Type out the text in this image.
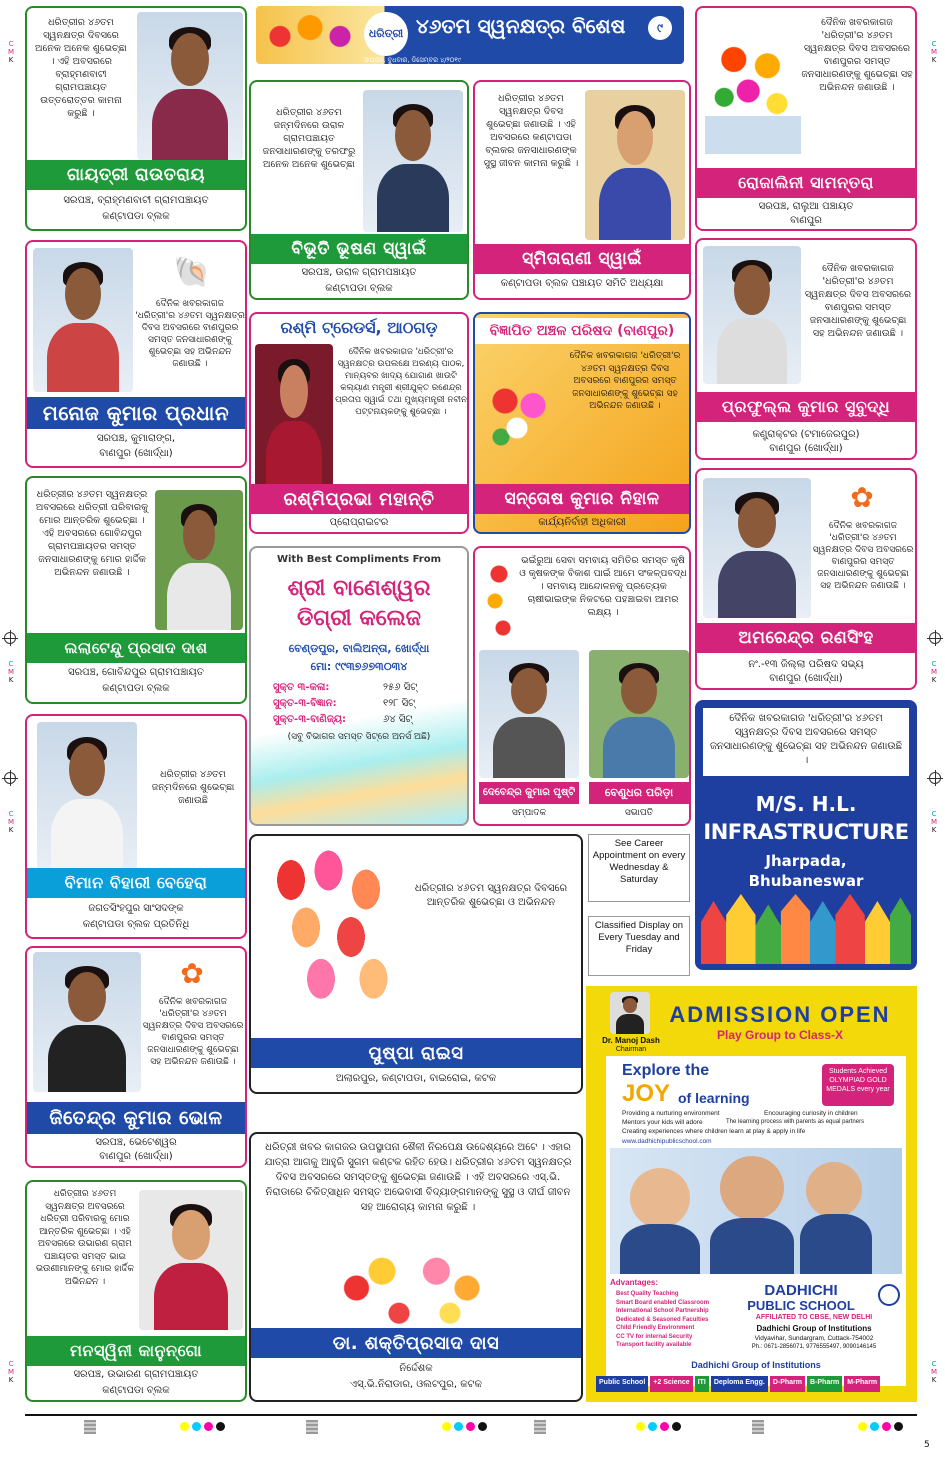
C
M
K
C
M
K
C
M
K
C
M
K
C
M
K
C
M
K
C
M
K
C
M
K
ଧରିତ୍ରୀ ୪୬ତମ ସ୍ୱନକ୍ଷତ୍ର ବିଶେଷ	୯
ସାପ୍ତାହ, ବୁଧବାର, ଡିସେମ୍ବର ୪/୨୦୧୯
ଧରିତ୍ରୀର ୪୬ତମ ସ୍ୱନକ୍ଷତ୍ର ଦିବସରେ ଅନେକ ଅନେକ ଶୁଭେଚ୍ଛା । ଏହି ଅବସରରେ ବ୍ରାହ୍ମଣବାଟୀ ଗ୍ରାମପଞ୍ଚାୟତ ଉତ୍ତରୋତ୍ତର କାମନା କରୁଛି ।
ଗାୟତ୍ରୀ ରାଉତରାୟ
ସରପଞ୍ଚ, ବ୍ରାହ୍ମଣବାଟୀ ଗ୍ରାମପଞ୍ଚାୟତ
କଣ୍ଟାପଡା ବ୍ଲକ
ଧରିତ୍ରୀର ୪୬ତମ ଜନ୍ମଦିନରେ ଉରାଳ ଗ୍ରାମପଞ୍ଚାୟତ ଜନସାଧାରଣଙ୍କୁ ତରଫରୁ ଅନେକ ଅନେକ ଶୁଭେଚ୍ଛା
ବିଭୂତି ଭୂଷଣ ସ୍ୱାଇଁ
ସରପଞ୍ଚ, ଉରାଳ ଗ୍ରାମପଞ୍ଚାୟତ
କଣ୍ଟାପଡା ବ୍ଲକ
ଧରିତ୍ରୀର ୪୬ତମ ସ୍ୱନକ୍ଷତ୍ର ଦିବସ ଶୁଭେଚ୍ଛା ଜଣାଉଛି । ଏହି ଅବସରରେ କଣ୍ଟାପଡା ବ୍ଲକର ଜନସାଧାରଣଙ୍କ ସୁସ୍ଥ ଜୀବନ କାମନା କରୁଛି ।
ସ୍ମିତାରାଣୀ ସ୍ୱାଇଁ
କଣ୍ଟାପଡା ବ୍ଲକ ପଞ୍ଚାୟତ ସମିତି ଅଧ୍ୟକ୍ଷା
ଦୈନିକ ଖବରକାଗଜ 'ଧରିତ୍ରୀ'ର ୪୬ତମ ସ୍ୱନକ୍ଷତ୍ର ଦିବସ ଅବସରରେ ବାଣପୁରର ସମସ୍ତ ଜନସାଧାରଣଙ୍କୁ ଶୁଭେଚ୍ଛା ସହ ଅଭିନନ୍ଦନ ଜଣାଉଛି ।
ରୋଜାଲିନୀ ସାମନ୍ତରା
ସରପଞ୍ଚ, ରାଲୁଆ ପଞ୍ଚାୟତ
ବାଣପୁର
🐚
ଦୈନିକ ଖବରକାଗଜ 'ଧରିତ୍ରୀ'ର ୪୬ତମ ସ୍ୱନକ୍ଷତ୍ର ଦିବସ ଅବସରରେ ବାଣପୁରର ସମସ୍ତ ଜନସାଧାରଣଙ୍କୁ ଶୁଭେଚ୍ଛା ସହ ଅଭିନନ୍ଦନ ଜଣାଉଛି ।
ମନୋଜ କୁମାର ପ୍ରଧାନ
ସରପଞ୍ଚ, କୁମାରାଙ୍ଗ,
ବାଣପୁର (ଖୋର୍ଦ୍ଧା)
ରଶ୍ମି ଟ୍ରେଡର୍ସ, ଆଠଗଡ଼
ଦୈନିକ ଖବରକାଗଜ 'ଧରିତ୍ରୀ'ର ସ୍ୱନକ୍ଷତ୍ର ଉପଲକ୍ଷେ ଅରଣ୍ୟ ପାଠକ, ମାନ୍ୟବର ଖାଦ୍ୟ ଯୋଗାଣ ଖାଉଟି କଲ୍ୟାଣ ମନ୍ତ୍ରୀ ଶ୍ରୀଯୁକ୍ତ ରଣେନ୍ଦ୍ର ପ୍ରତାପ ସ୍ୱାଇଁ ତଥା ମୁଖ୍ୟମନ୍ତ୍ରୀ ନବୀନ ପଟ୍ଟନାୟକଙ୍କୁ ଶୁଭେଚ୍ଛା ।
ରଶ୍ମିପ୍ରଭା ମହାନ୍ତି
ପ୍ରୋପ୍ରାଇଟର
ବିଜ୍ଞାପିତ ଅଞ୍ଚଳ ପରିଷଦ (ବାଣପୁର)
ଦୈନିକ ଖବରକାଗଜ 'ଧରିତ୍ରୀ'ର ୪୬ତମ ସ୍ୱନକ୍ଷତ୍ର ଦିବସ ଅବସରରେ ବାଣପୁରର ସମସ୍ତ ଜନସାଧାରଣଙ୍କୁ ଶୁଭେଚ୍ଛା ସହ ଅଭିନନ୍ଦନ ଜଣାଉଛି ।
ସନ୍ତୋଷ କୁମାର ନିହାଳ
କାର୍ଯ୍ୟନିର୍ବାହୀ ଅଧିକାରୀ
ଦୈନିକ ଖବରକାଗଜ 'ଧରିତ୍ରୀ'ର ୪୬ତମ ସ୍ୱନକ୍ଷତ୍ର ଦିବସ ଅବସରରେ ବାଣପୁରର ସମସ୍ତ ଜନସାଧାରଣଙ୍କୁ ଶୁଭେଚ୍ଛା ସହ ଅଭିନନ୍ଦନ ଜଣାଉଛି ।
ପ୍ରଫୁଲ୍ଲ କୁମାର ସୁବୁଦ୍ଧି
କଣ୍ଟ୍ରାକ୍ଟର (ଟମାଜେରପୁର)
ବାଣପୁର (ଖୋର୍ଦ୍ଧା)
ଧରିତ୍ରୀର ୪୬ତମ ସ୍ୱନକ୍ଷତ୍ର ଅବସରରେ ଧରିତ୍ରୀ ପରିବାରକୁ ମୋର ଆନ୍ତରିକ ଶୁଭେଚ୍ଛା । ଏହି ଅବସରରେ ଗୋବିନ୍ଦପୁର ଗ୍ରାମପଞ୍ଚାୟତର ସମସ୍ତ ଜନସାଧାରଣଙ୍କୁ ମୋର ହାର୍ଦ୍ଦିକ ଅଭିନନ୍ଦନ ଜଣାଉଛି ।
ଲଲାଟେନ୍ଦୁ ପ୍ରସାଦ ଦାଶ
ସରପଞ୍ଚ, ଗୋବିନ୍ଦପୁର ଗ୍ରାମପଞ୍ଚାୟତ
କଣ୍ଟାପଡା ବ୍ଲକ
With Best Compliments From
ଶ୍ରୀ ବାଣେଶ୍ୱର ଡିଗ୍ରୀ କଲେଜ
ବେଣ୍ଡପୁର, ବାଲିଅନ୍ତା, ଖୋର୍ଦ୍ଧା
ମୋ: ୯୯୩୭୬୭୩୦୩୪
ସୁକ୍ତ ୩-କଳା:	୨୫୬ ସିଟ୍
ସୁକ୍ତ-୩-ବିଜ୍ଞାନ:	୧୨୮ ସିଟ୍
ସୁକ୍ତ-୩-ବାଣିଜ୍ୟ:	୬୪ ସିଟ୍
(ସବୁ ବିଭାଗର ସମସ୍ତ ସିଟ୍‌ରେ ଅନର୍ସ ଅଛି)
ଭଇଁରୁଆ ସେବା ସମବାୟ ସମିତିର ସମସ୍ତ କୃଷି ଓ କୃଷକଙ୍କ ବିକାଶ ପାଇଁ ଆମେ ସଂକଳ୍ପବଦ୍ଧ । ସମବାୟ ଆନ୍ଦୋଳନକୁ ପ୍ରତ୍ୟେକ ଚାଷୀଭାଇଙ୍କ ନିକଟରେ ପହଞ୍ଚାଇବା ଆମର ଲକ୍ଷ୍ୟ ।
ଦେବେନ୍ଦ୍ର କୁମାର ପୃଷ୍ଟି	ବେଣୁଧର ପରିଡ଼ା
ସମ୍ପାଦକ	ସଭାପତି
✿
ଦୈନିକ ଖବରକାଗଜ 'ଧରିତ୍ରୀ'ର ୪୬ତମ ସ୍ୱନକ୍ଷତ୍ର ଦିବସ ଅବସରରେ ବାଣପୁରର ସମସ୍ତ ଜନସାଧାରଣଙ୍କୁ ଶୁଭେଚ୍ଛା ସହ ଅଭିନନ୍ଦନ ଜଣାଉଛି ।
ଅମରେନ୍ଦ୍ର ରଣସିଂହ
ନଂ.-୧୩ ଜିଲ୍ଲା ପରିଷଦ ସଭ୍ୟ
ବାଣପୁର (ଖୋର୍ଦ୍ଧା)
ଧରିତ୍ରୀର ୪୬ତମ ଜନ୍ମଦିନରେ ଶୁଭେଚ୍ଛା ଜଣାଉଛି
ବିମାନ ବିହାରୀ ବେହେରା
ଜଗତସିଂହପୁର ସାଂସଦଙ୍କ
କଣ୍ଟାପଡା ବ୍ଲକ ପ୍ରତିନିଧି
ଦୈନିକ ଖବରକାଗଜ 'ଧରିତ୍ରୀ'ର ୪୬ତମ ସ୍ୱନକ୍ଷତ୍ର ଦିବସ ଅବସରରେ ସମସ୍ତ ଜନସାଧାରଣଙ୍କୁ ଶୁଭେଚ୍ଛା ସହ ଅଭିନନ୍ଦନ ଜଣାଉଛି ।
M/S. H.L.
INFRASTRUCTURE
Jharpada,
Bhubaneswar
ଧରିତ୍ରୀର ୪୬ତମ ସ୍ୱନକ୍ଷତ୍ର ଦିବସରେ ଆନ୍ତରିକ ଶୁଭେଚ୍ଛା ଓ ଅଭିନନ୍ଦନ
ପୁଷ୍ପା ରାଇସ
ଅଲାରପୁର, କଣ୍ଟାପଡା, ବାଇରୋଇ, କଟକ
See Career Appointment on every Wednesday & Saturday
Classified Display on Every Tuesday and Friday
✿
ଦୈନିକ ଖବରକାଗଜ 'ଧରିତ୍ରୀ'ର ୪୬ତମ ସ୍ୱନକ୍ଷତ୍ର ଦିବସ ଅବସରରେ ବାଣପୁରର ସମସ୍ତ ଜନସାଧାରଣଙ୍କୁ ଶୁଭେଚ୍ଛା ସହ ଅଭିନନ୍ଦନ ଜଣାଉଛି ।
ଜିତେନ୍ଦ୍ର କୁମାର ଭୋଳ
ସରପଞ୍ଚ, ଭେଟେଶ୍ୱର
ବାଣପୁର (ଖୋର୍ଦ୍ଧା)
ଧରିତ୍ରୀ ଖବର କାଗଜର ଉପସ୍ଥାପନା ଶୈଳୀ ନିରପେକ୍ଷ ଉଦ୍ଦେଶ୍ୟରେ ଅଟେ । ଏହାର ଯାତ୍ରା ଆଗକୁ ଆହୁରି ସୁଗମ କଣ୍ଟକ ରହିତ ହେଉ। ଧରିତ୍ରୀର ୪୬ତମ ସ୍ୱନକ୍ଷତ୍ର ଦିବସ ଅବସରରେ ସମସ୍ତଙ୍କୁ ଶୁଭେଚ୍ଛା ଜଣାଉଛି । ଏହି ଅବସରରେ ଏସ୍.ଭି. ନିରାଡାରେ ଚିକିତ୍ସାଧିନ ସମସ୍ତ ଅଭେବାସୀ ବିଦ୍ୟାଙ୍ଗମାନଙ୍କୁ ସୁସ୍ଥ ଓ ଦୀର୍ଘ ଜୀବନ ସହ ଆରୋଗ୍ୟ କାମନା କରୁଛି ।
ଡା. ଶକ୍ତିପ୍ରସାଦ ଦାସ
ନିର୍ଦ୍ଦେଶକ
ଏସ୍.ଭି.ନିରାଡାର, ଓଲଟପୁର, କଟକ
ଧରିତ୍ରୀର ୪୬ତମ ସ୍ୱନକ୍ଷତ୍ର ଅବସରରେ ଧରିତ୍ରୀ ପରିବାରକୁ ମୋର ଆନ୍ତରିକ ଶୁଭେଚ୍ଛା । ଏହି ଅବସରରେ ଉଭାରଣ ଗ୍ରାମ ପଞ୍ଚାୟତର ସମସ୍ତ ଭାଇ ଭଉଣୀମାନଙ୍କୁ ମୋର ହାର୍ଦ୍ଦିକ ଅଭିନନ୍ଦନ ।
ମନସ୍ୱିନୀ କାନୁନ୍‌ଗୋ
ସରପଞ୍ଚ, ଉଭାରଣ ଗ୍ରାମପଞ୍ଚାୟତ
କଣ୍ଟାପଡା ବ୍ଲକ
Dr. Manoj Dash
Chairman
ADMISSION OPEN
Play Group to Class-X
Explore the
JOY of learning
Students Achieved OLYMPIAD GOLD MEDALS every year
Providing a nurturing environment	Encouraging curiosity in children
Mentors your kids will adore	The learning process with parents as equal partners
Creating experiences where children learn at play & apply in life
www.dadhichipublicschool.com
Advantages:
Best Quality Teaching
Smart Board enabled Classroom
International School Partnership
Dedicated & Seasoned Faculties
Child Friendly Environment
CC TV for internal Security
Transport facility available
DADHICHI
PUBLIC SCHOOL
AFFILIATED TO CBSE, NEW DELHI
Dadhichi Group of Institutions
Vidyavihar, Sundargram, Cuttack-754002
Ph.: 0671-2856071, 9776555497, 9090146145
Dadhichi Group of Institutions
Public School	+2 Science	ITI	Deploma Engg.	D-Pharm	B-Pharm	M-Pharm
5
